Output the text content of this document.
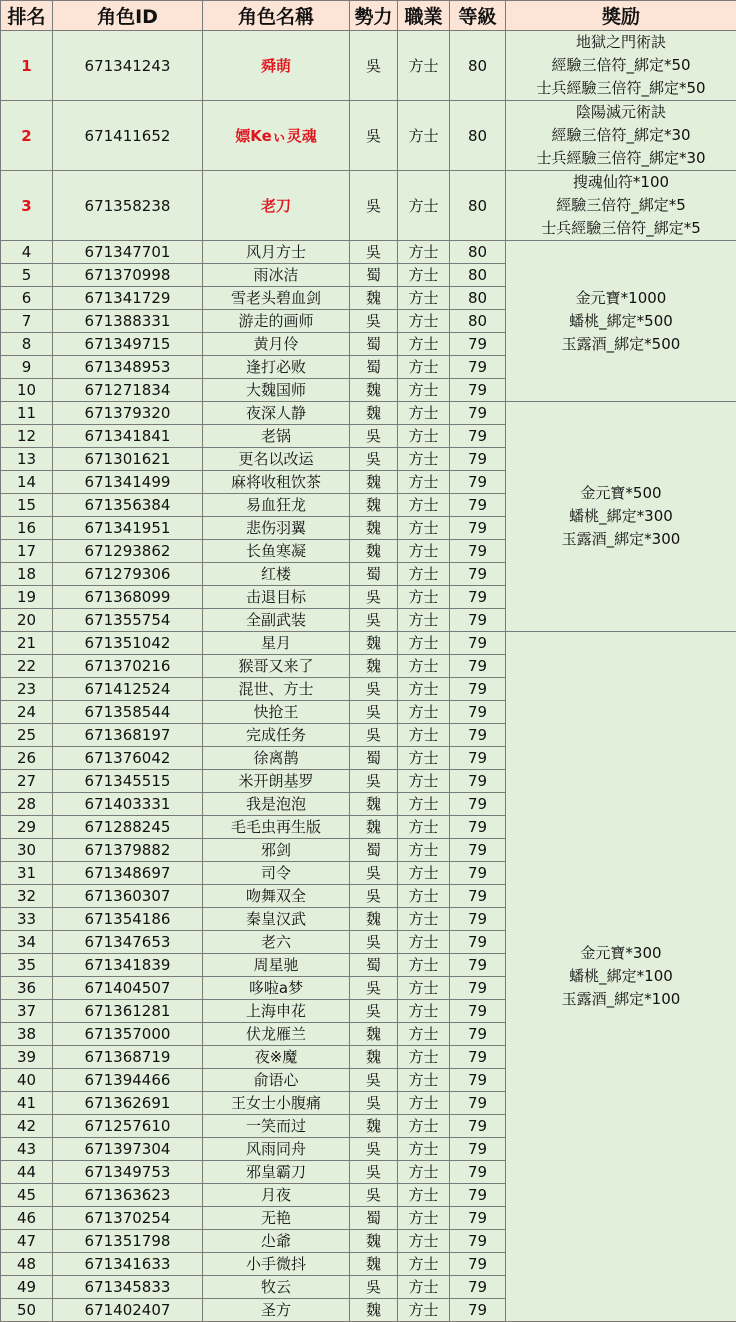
排名	角色ID	角色名稱	勢力	職業	等級	獎励
1	671341243	舜萌	吳	方士	80	地獄之門術訣
經驗三倍符_綁定*50
士兵經驗三倍符_綁定*50

2	671411652	嫖Keぃ灵魂	吳	方士	80	陰陽滅元術訣
經驗三倍符_綁定*30
士兵經驗三倍符_綁定*30

3	671358238	老刀	吳	方士	80	搜魂仙符*100
經驗三倍符_綁定*5
士兵經驗三倍符_綁定*5

4	671347701	风月方士	吳	方士	80	金元寶*1000
蟠桃_綁定*500
玉露酒_綁定*500

5	671370998	雨冰洁	蜀	方士	80	
6	671341729	雪老头碧血剑	魏	方士	80	
7	671388331	游走的画师	吳	方士	80	
8	671349715	黄月伶	蜀	方士	79	
9	671348953	逢打必败	蜀	方士	79	
10	671271834	大魏国师	魏	方士	79	
11	671379320	夜深人静	魏	方士	79	金元寶*500
蟠桃_綁定*300
玉露酒_綁定*300

12	671341841	老锅	吳	方士	79	
13	671301621	更名以改运	吳	方士	79	
14	671341499	麻将收租饮茶	魏	方士	79	
15	671356384	易血狂龙	魏	方士	79	
16	671341951	悲伤羽翼	魏	方士	79	
17	671293862	长鱼寒凝	魏	方士	79	
18	671279306	红楼	蜀	方士	79	
19	671368099	击退目标	吳	方士	79	
20	671355754	全副武装	吳	方士	79	
21	671351042	星月	魏	方士	79	金元寶*300
蟠桃_綁定*100
玉露酒_綁定*100

22	671370216	猴哥又来了	魏	方士	79	
23	671412524	混世、方士	吳	方士	79	
24	671358544	快抢王	吳	方士	79	
25	671368197	完成任务	吳	方士	79	
26	671376042	徐离鹊	蜀	方士	79	
27	671345515	米开朗基罗	吳	方士	79	
28	671403331	我是泡泡	魏	方士	79	
29	671288245	毛毛虫再生版	魏	方士	79	
30	671379882	邪剑	蜀	方士	79	
31	671348697	司令	吳	方士	79	
32	671360307	吻舞双全	吳	方士	79	
33	671354186	秦皇汉武	魏	方士	79	
34	671347653	老六	吳	方士	79	
35	671341839	周星驰	蜀	方士	79	
36	671404507	哆啦a梦	吳	方士	79	
37	671361281	上海申花	吳	方士	79	
38	671357000	伏龙雁兰	魏	方士	79	
39	671368719	夜※魔	魏	方士	79	
40	671394466	俞语心	吳	方士	79	
41	671362691	王女士小腹痛	吳	方士	79	
42	671257610	一笑而过	魏	方士	79	
43	671397304	风雨同舟	吳	方士	79	
44	671349753	邪皇霸刀	吳	方士	79	
45	671363623	月夜	吳	方士	79	
46	671370254	无艳	蜀	方士	79	
47	671351798	尐爺	魏	方士	79	
48	671341633	小手微抖	魏	方士	79	
49	671345833	牧云	吳	方士	79	
50	671402407	圣方	魏	方士	79	
